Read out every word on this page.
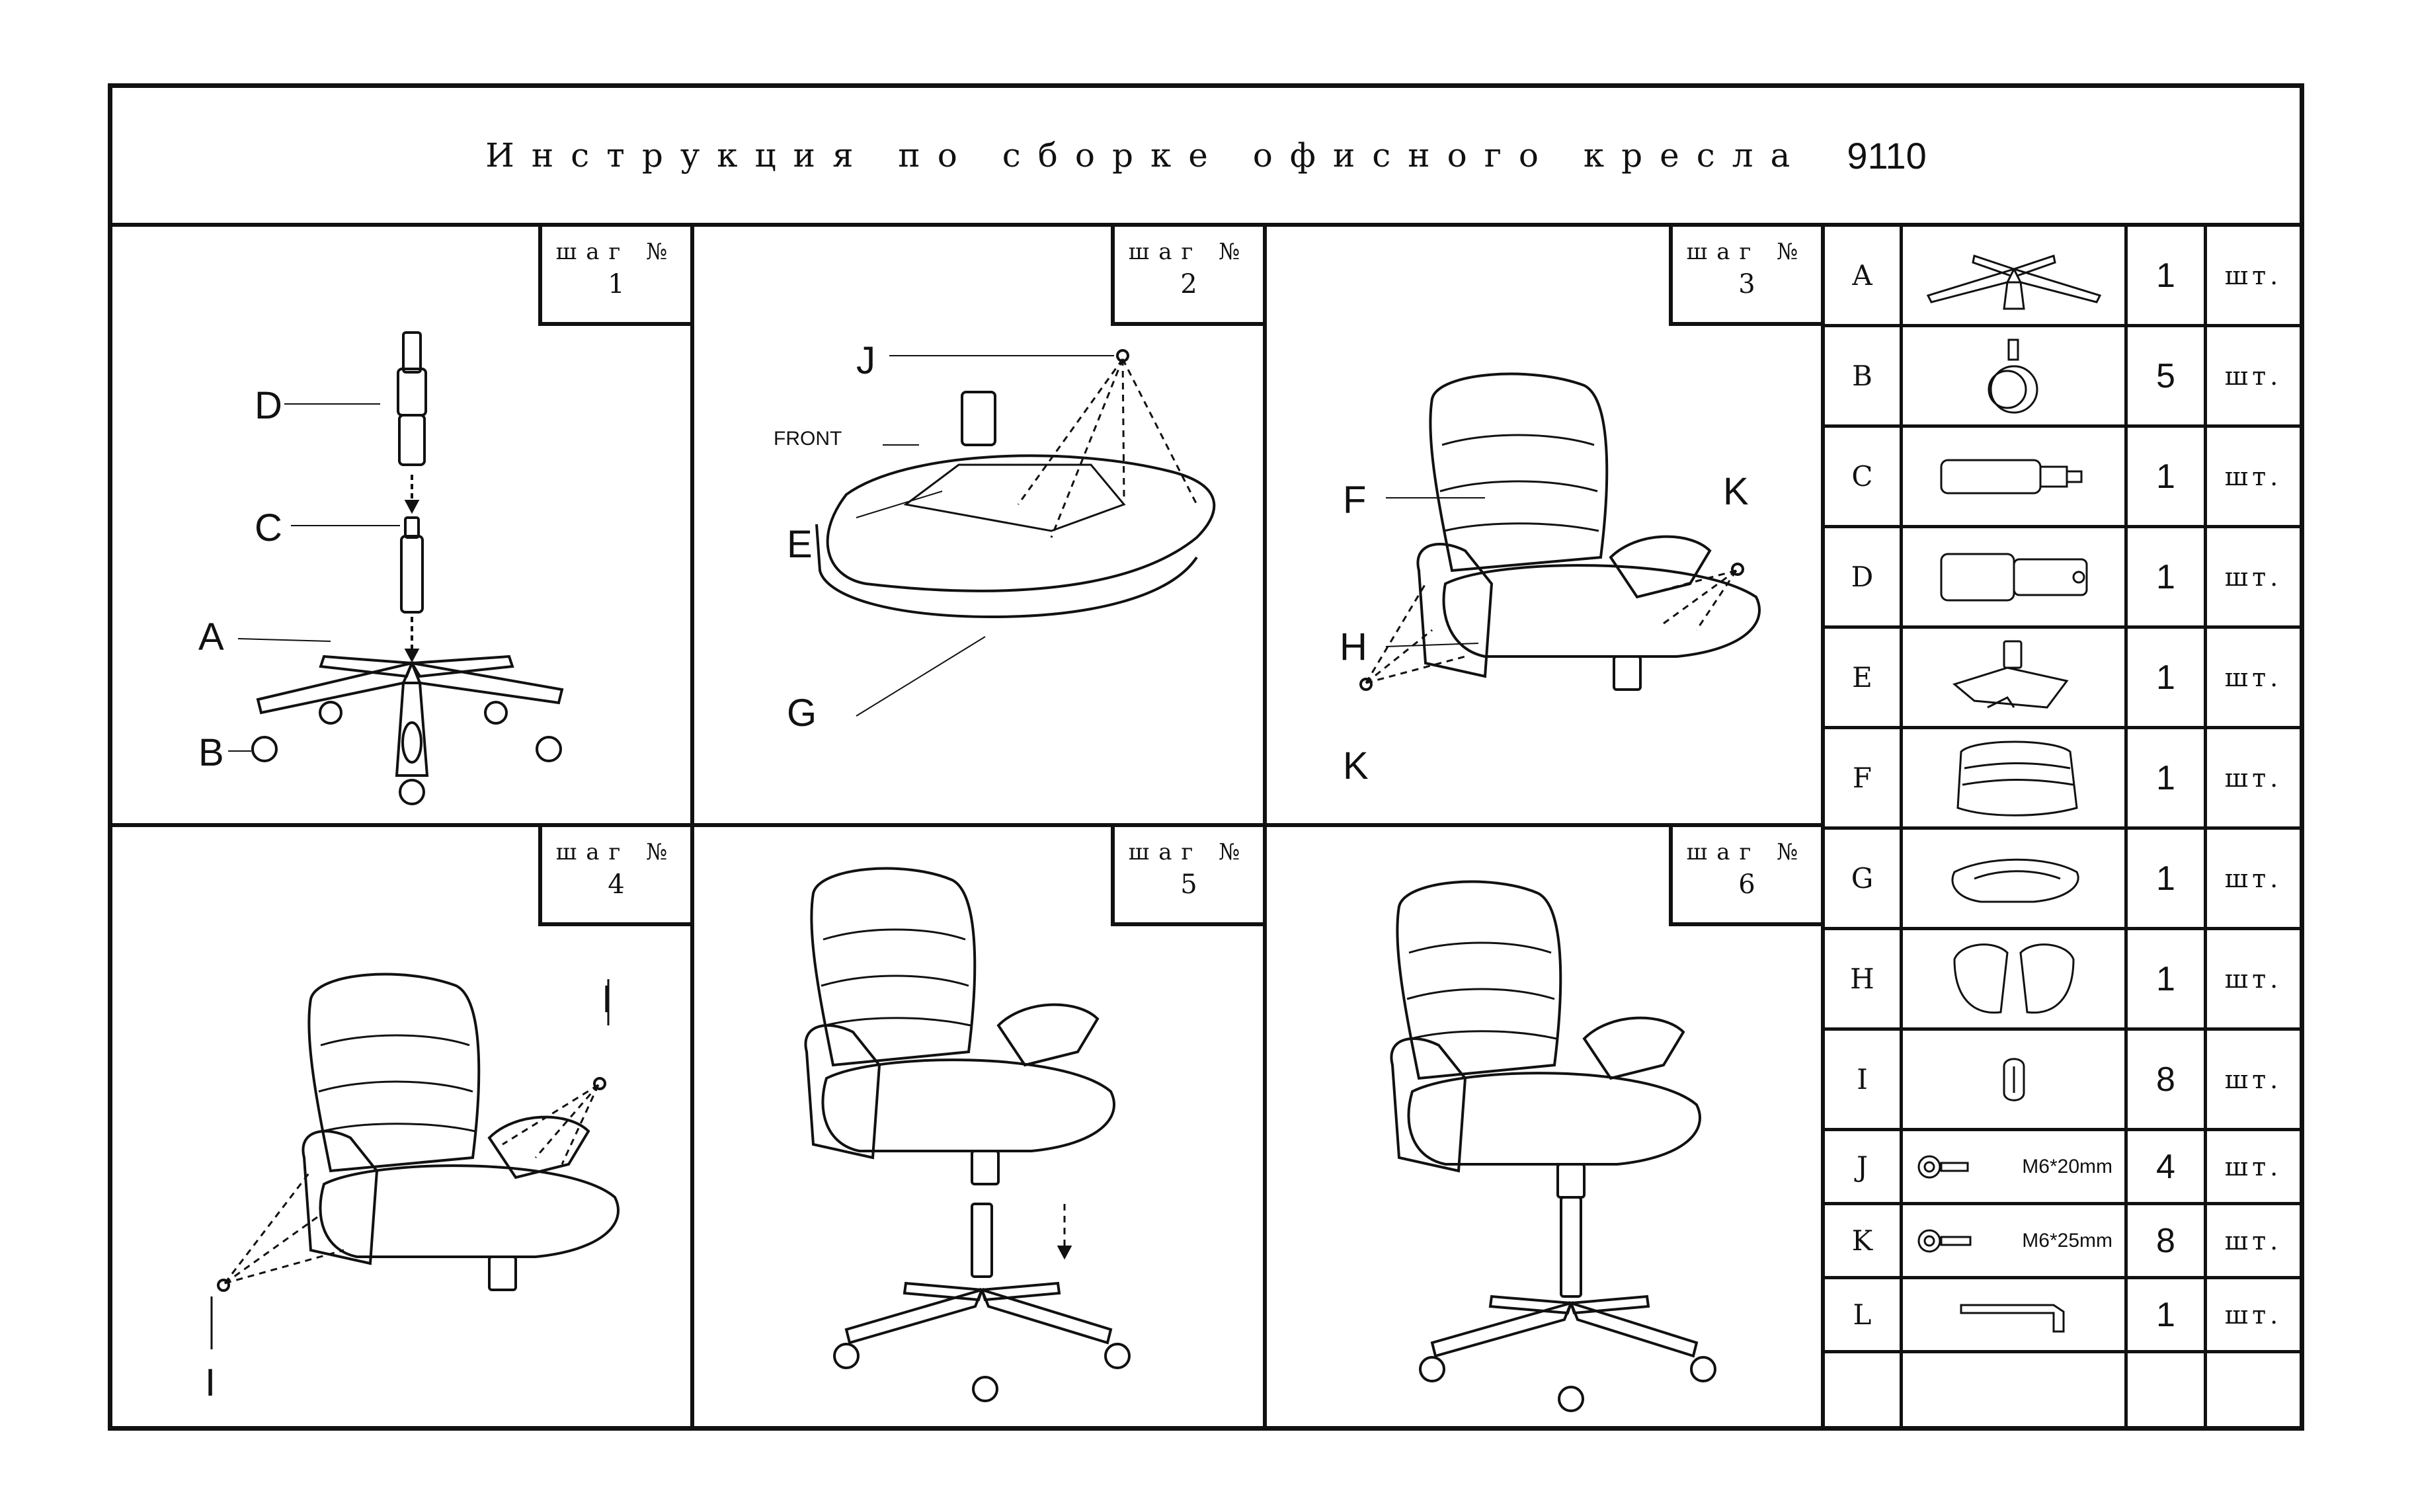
Инструкция по сборке офисного кресла 9110
шаг №
1
D
C
A
B
шаг №
2
J
FRONT
E
G
шаг №
3
F
H
K
K
шаг №
4
I
I
шаг №
5
шаг №
6
A	1	шт.
B	5	шт.
C	1	шт.
D	1	шт.
E	1	шт.
F	1	шт.
G	1	шт.
H	1	шт.
I	8	шт.
J	M6*20mm	4	шт.
K	M6*25mm	8	шт.
L	1	шт.
